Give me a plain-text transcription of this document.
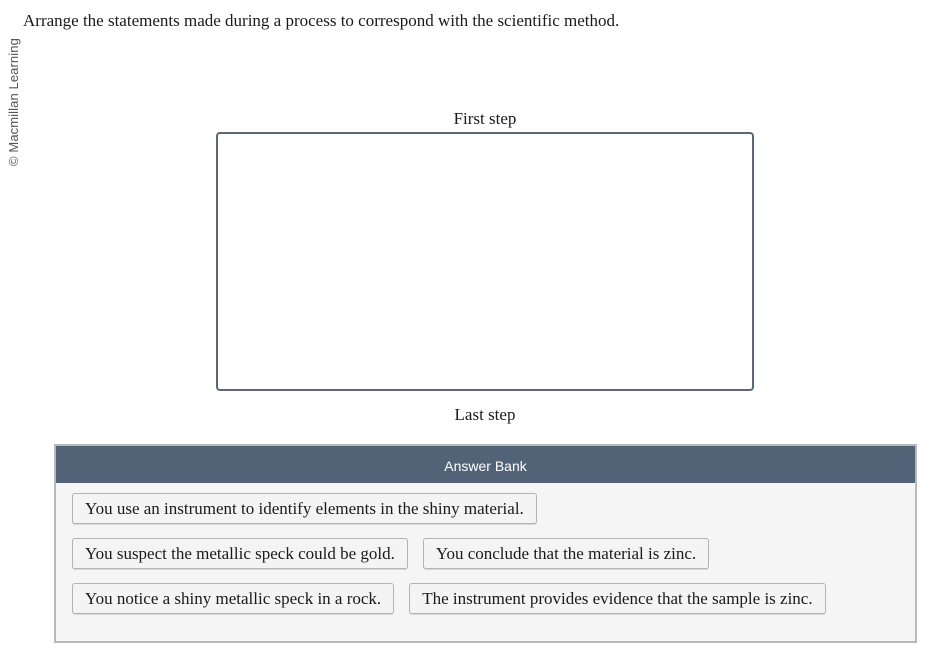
© Macmillan Learning
Arrange the statements made during a process to correspond with the scientific method.
First step
Last step
Answer Bank
You use an instrument to identify elements in the shiny material.
You suspect the metallic speck could be gold.	You conclude that the material is zinc.
You notice a shiny metallic speck in a rock.	The instrument provides evidence that the sample is zinc.
